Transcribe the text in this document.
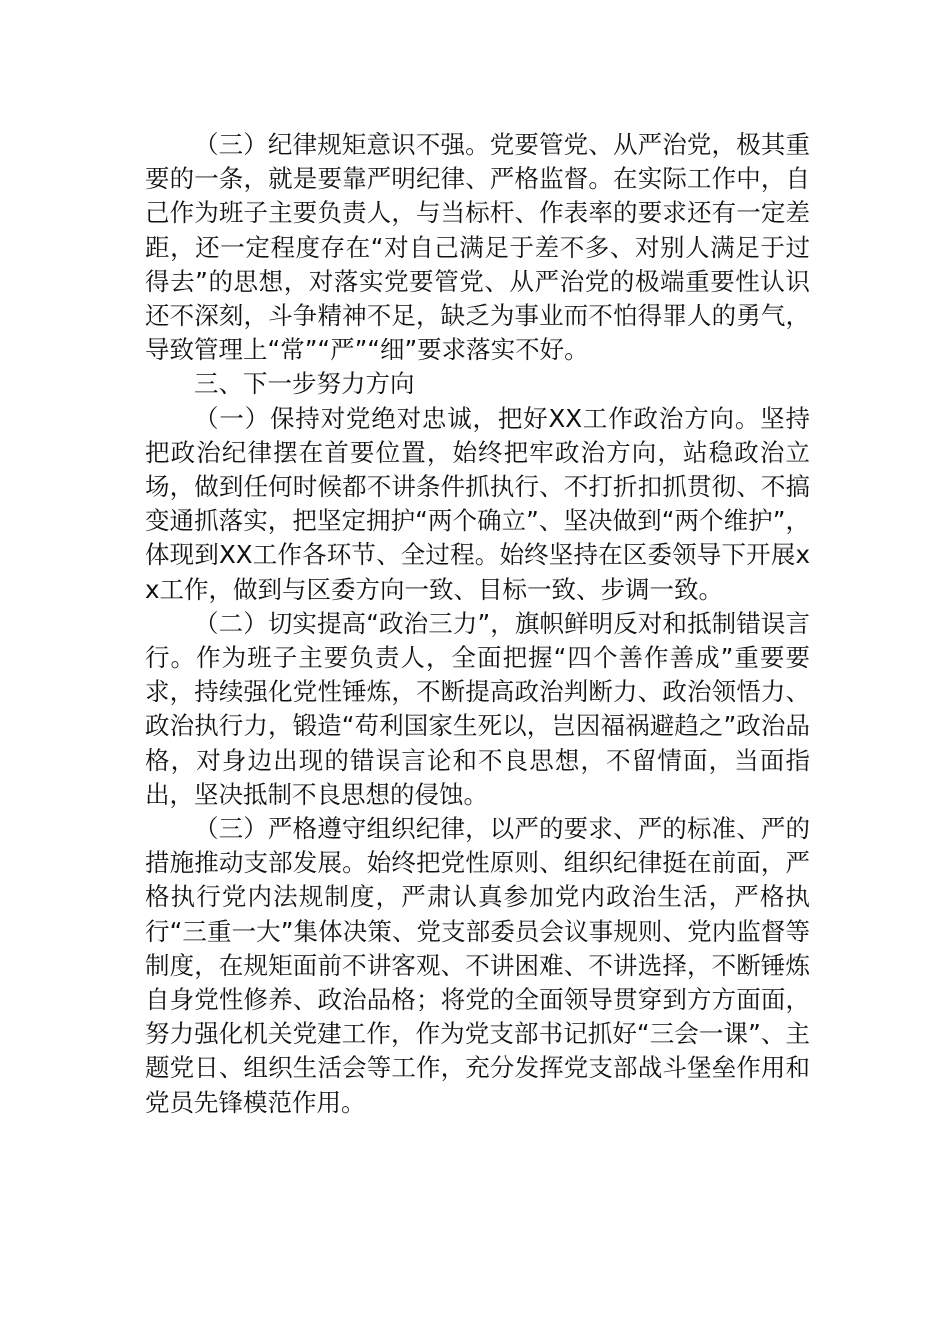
（三）纪律规矩意识不强。党要管党、从严治党，极其重要的一条，就是要靠严明纪律、严格监督。在实际工作中，自己作为班子主要负责人，与当标杆、作表率的要求还有一定差距，还一定程度存在“对自己满足于差不多、对别人满足于过得去”的思想，对落实党要管党、从严治党的极端重要性认识还不深刻，斗争精神不足，缺乏为事业而不怕得罪人的勇气，导致管理上“常”“严”“细”要求落实不好。

三、下一步努力方向

（一）保持对党绝对忠诚，把好XX工作政治方向。坚持把政治纪律摆在首要位置，始终把牢政治方向，站稳政治立场，做到任何时候都不讲条件抓执行、不打折扣抓贯彻、不搞变通抓落实，把坚定拥护“两个确立”、坚决做到“两个维护”，体现到XX工作各环节、全过程。始终坚持在区委领导下开展xx工作，做到与区委方向一致、目标一致、步调一致。

（二）切实提高“政治三力”，旗帜鲜明反对和抵制错误言行。作为班子主要负责人，全面把握“四个善作善成”重要要求，持续强化党性锤炼，不断提高政治判断力、政治领悟力、政治执行力，锻造“苟利国家生死以，岂因福祸避趋之”政治品格，对身边出现的错误言论和不良思想，不留情面，当面指出，坚决抵制不良思想的侵蚀。

（三）严格遵守组织纪律，以严的要求、严的标准、严的措施推动支部发展。始终把党性原则、组织纪律挺在前面，严格执行党内法规制度，严肃认真参加党内政治生活，严格执行“三重一大”集体决策、党支部委员会议事规则、党内监督等制度，在规矩面前不讲客观、不讲困难、不讲选择，不断锤炼自身党性修养、政治品格；将党的全面领导贯穿到方方面面，努力强化机关党建工作，作为党支部书记抓好“三会一课”、主题党日、组织生活会等工作，充分发挥党支部战斗堡垒作用和党员先锋模范作用。
